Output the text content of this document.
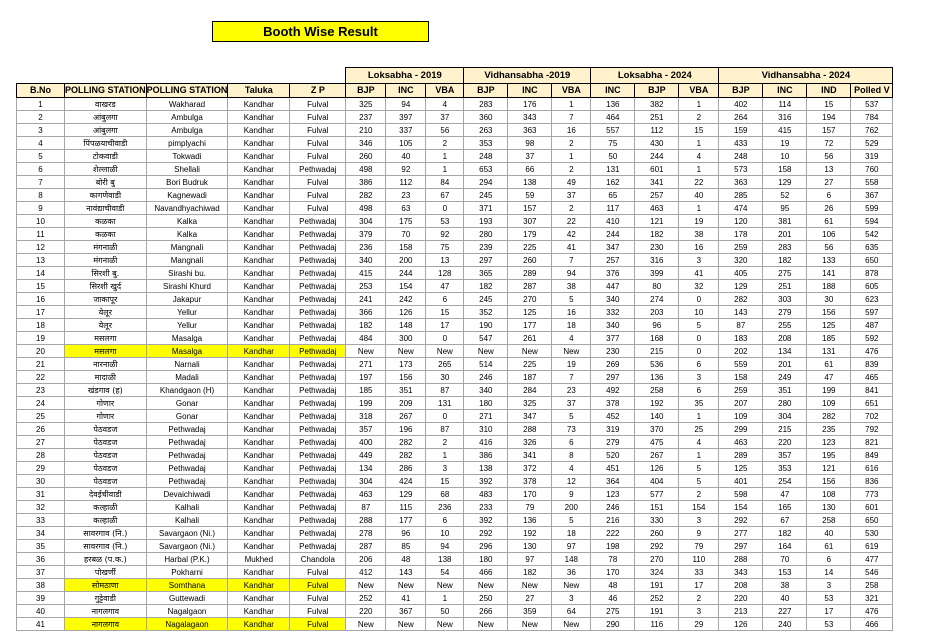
Booth Wise Result
					Loksabha - 2019			Vidhansabha -2019			Loksabha - 2024			Vidhansabha - 2024			
B.No	POLLING STATION	POLLING STATION	Taluka	Z P	BJP	INC	VBA	BJP	INC	VBA	INC	BJP	VBA	BJP	INC	IND	Polled V
1	वाखरड	Wakharad	Kandhar	Fulval	325	94	4	283	176	1	136	382	1	402	114	15	537
2	आंबुलगा	Ambulga	Kandhar	Fulval	237	397	37	360	343	7	464	251	2	264	316	194	784
3	आंबुलगा	Ambulga	Kandhar	Fulval	210	337	56	263	363	16	557	112	15	159	415	157	762
4	पिंपळयाचीवाडी	pimplyachi	Kandhar	Fulval	346	105	2	353	98	2	75	430	1	433	19	72	529
5	टोकवाडी	Tokwadi	Kandhar	Fulval	260	40	1	248	37	1	50	244	4	248	10	56	319
6	शेल्लाळी	Shellali	Kandhar	Pethwadaj	498	92	1	653	66	2	131	601	1	573	158	13	760
7	बोरी बु	Bori Budruk	Kandhar	Fulval	386	112	84	294	138	49	162	341	22	363	129	27	558
8	कागणेवाडी	Kagnewadi	Kandhar	Fulval	282	23	67	245	59	37	65	257	40	285	52	6	367
9	नावंद्याचीवाडी	Navandhyachiwad	Kandhar	Fulval	498	63	0	371	157	2	117	463	1	474	95	26	599
10	कळका	Kalka	Kandhar	Pethwadaj	304	175	53	193	307	22	410	121	19	120	381	61	594
11	कळका	Kalka	Kandhar	Pethwadaj	379	70	92	280	179	42	244	182	38	178	201	106	542
12	मंगनाळी	Mangnali	Kandhar	Pethwadaj	236	158	75	239	225	41	347	230	16	259	283	56	635
13	मंगनाळी	Mangnali	Kandhar	Pethwadaj	340	200	13	297	260	7	257	316	3	320	182	133	650
14	सिरशी बु.	Sirashi bu.	Kandhar	Pethwadaj	415	244	128	365	289	94	376	399	41	405	275	141	878
15	सिरशी खुर्द	Sirashi Khurd	Kandhar	Pethwadaj	253	154	47	182	287	38	447	80	32	129	251	188	605
16	जाकापूर	Jakapur	Kandhar	Pethwadaj	241	242	6	245	270	5	340	274	0	282	303	30	623
17	येलूर	Yellur	Kandhar	Pethwadaj	366	126	15	352	125	16	332	203	10	143	279	156	597
18	येलूर	Yellur	Kandhar	Pethwadaj	182	148	17	190	177	18	340	96	5	87	255	125	487
19	मसलगा	Masalga	Kandhar	Pethwadaj	484	300	0	547	261	4	377	168	0	183	208	185	592
20	मसलगा	Masalga	Kandhar	Pethwadaj	New	New	New	New	New	New	230	215	0	202	134	131	476
21	नारनाळी	Narnali	Kandhar	Pethwadaj	271	173	265	514	225	19	269	536	6	559	201	61	839
22	मादाळी	Madali	Kandhar	Pethwadaj	197	156	30	246	187	7	297	136	3	158	249	47	465
23	खंडगाव (ह)	Khandgaon (H)	Kandhar	Pethwadaj	185	351	87	340	284	23	492	258	6	259	351	199	841
24	गोणार	Gonar	Kandhar	Pethwadaj	199	209	131	180	325	37	378	192	35	207	280	109	651
25	गोणार	Gonar	Kandhar	Pethwadaj	318	267	0	271	347	5	452	140	1	109	304	282	702
26	पेठवडज	Pethwadaj	Kandhar	Pethwadaj	357	196	87	310	288	73	319	370	25	299	215	235	792
27	पेठवडज	Pethwadaj	Kandhar	Pethwadaj	400	282	2	416	326	6	279	475	4	463	220	123	821
28	पेठवडज	Pethwadaj	Kandhar	Pethwadaj	449	282	1	386	341	8	520	267	1	289	357	195	849
29	पेठवडज	Pethwadaj	Kandhar	Pethwadaj	134	286	3	138	372	4	451	126	5	125	353	121	616
30	पेठवडज	Pethwadaj	Kandhar	Pethwadaj	304	424	15	392	378	12	364	404	5	401	254	156	836
31	देवईचीवाडी	Devaichiwadi	Kandhar	Pethwadaj	463	129	68	483	170	9	123	577	2	598	47	108	773
32	कल्हाळी	Kalhali	Kandhar	Pethwadaj	87	115	236	233	79	200	246	151	154	154	165	130	601
33	कल्हाळी	Kalhali	Kandhar	Pethwadaj	288	177	6	392	136	5	216	330	3	292	67	258	650
34	सावरगाव (नि.)	Savargaon (Ni.)	Kandhar	Pethwadaj	278	96	10	292	192	18	222	260	9	277	182	40	530
35	सावरगाव (नि.)	Savargaon (Ni.)	Kandhar	Pethwadaj	287	85	94	296	130	97	198	292	79	297	164	61	619
36	हरबळ (प.क.)	Harbal (P.K.)	Mukhed	Chandola	206	48	138	180	97	148	78	270	110	288	70	6	477
37	पोखर्णी	Pokharni	Kandhar	Fulval	412	143	54	466	182	36	170	324	33	343	153	14	546
38	सोमठाणा	Somthana	Kandhar	Fulval	New	New	New	New	New	New	48	191	17	208	38	3	258
39	गुट्टेवाडी	Guttewadi	Kandhar	Fulval	252	41	1	250	27	3	46	252	2	220	40	53	321
40	नागलगाव	Nagalgaon	Kandhar	Fulval	220	367	50	266	359	64	275	191	3	213	227	17	476
41	नागलगाव	Nagalagaon	Kandhar	Fulval	New	New	New	New	New	New	290	116	29	126	240	53	466
